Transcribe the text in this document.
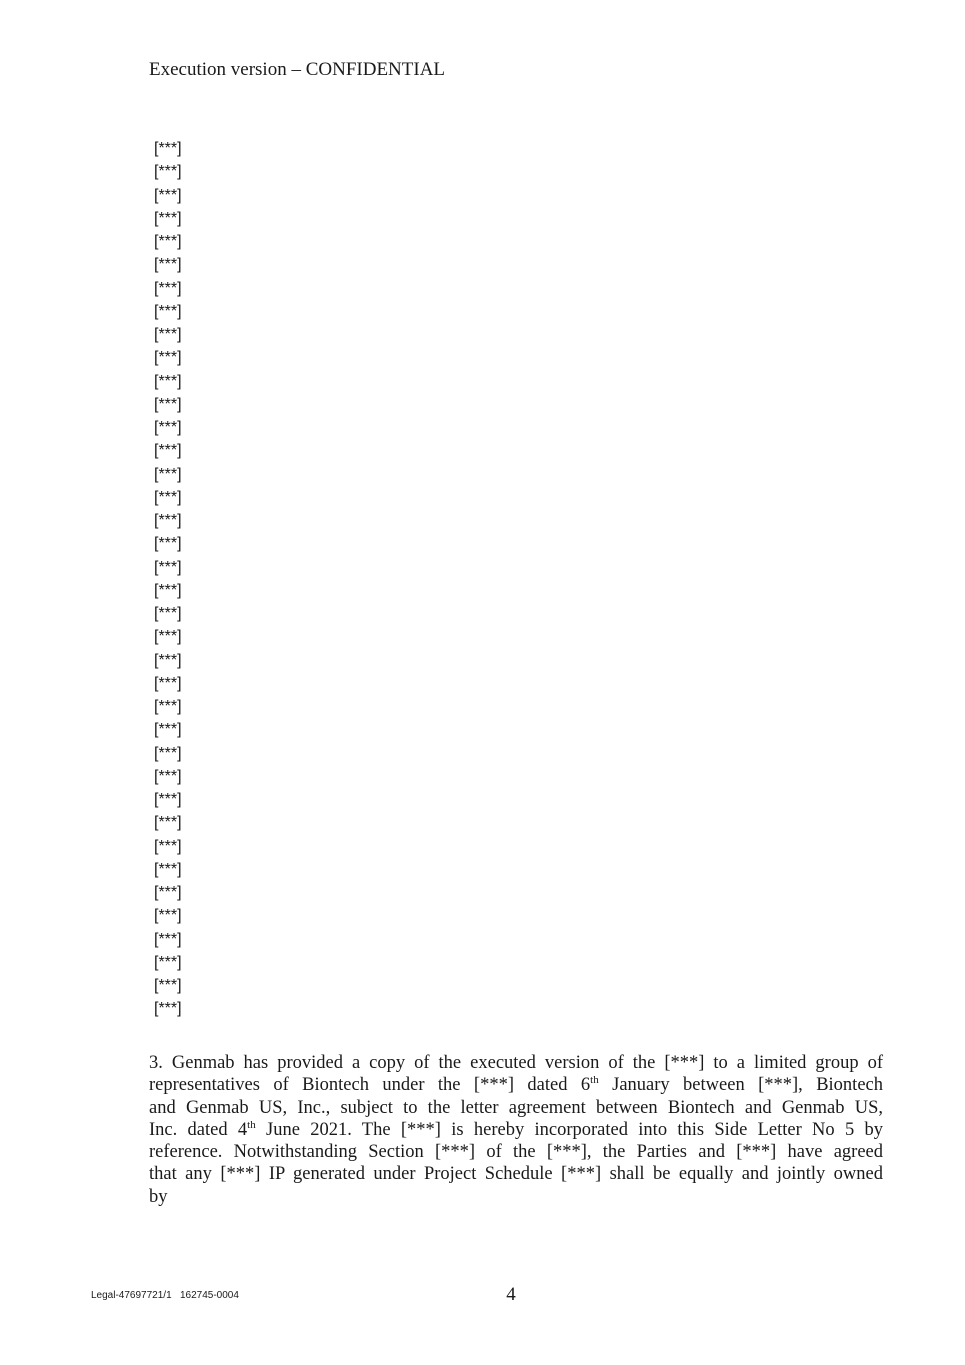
Execution version – CONFIDENTIAL
[***]
[***]
[***]
[***]
[***]
[***]
[***]
[***]
[***]
[***]
[***]
[***]
[***]
[***]
[***]
[***]
[***]
[***]
[***]
[***]
[***]
[***]
[***]
[***]
[***]
[***]
[***]
[***]
[***]
[***]
[***]
[***]
[***]
[***]
[***]
[***]
[***]
[***]
3. Genmab has provided a copy of the executed version of the [***] to a limited group of
representatives of Biontech under the [***] dated 6th January between [***], Biontech
and Genmab US, Inc., subject to the letter agreement between Biontech and Genmab US,
Inc. dated 4th June 2021. The [***] is hereby incorporated into this Side Letter No 5 by
reference. Notwithstanding Section [***] of the [***], the Parties and [***] have agreed
that any [***] IP generated under Project Schedule [***] shall be equally and jointly owned
by
Legal-47697721/1   162745-0004	4
